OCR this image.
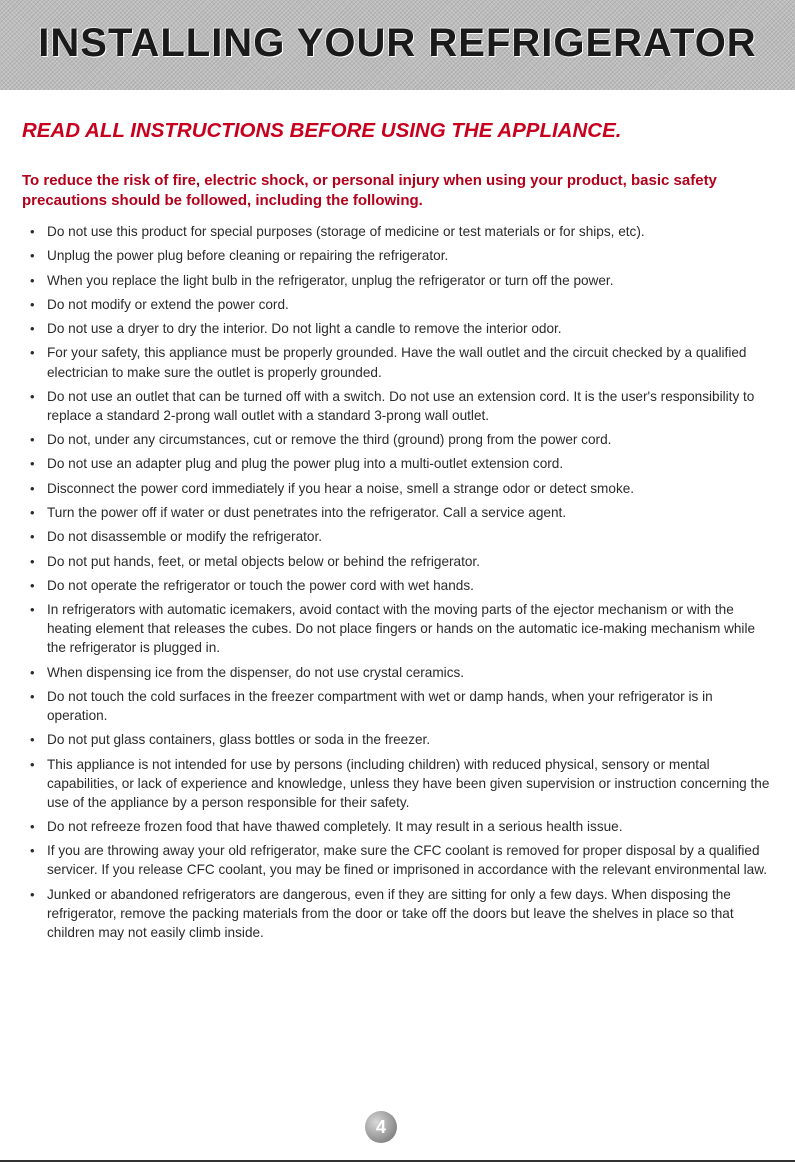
INSTALLING YOUR REFRIGERATOR
READ ALL INSTRUCTIONS BEFORE USING THE APPLIANCE.

To reduce the risk of fire, electric shock, or personal injury when using your product, basic safety precautions should be followed, including the following.

• Do not use this product for special purposes (storage of medicine or test materials or for ships, etc).
• Unplug the power plug before cleaning or repairing the refrigerator.
• When you replace the light bulb in the refrigerator, unplug the refrigerator or turn off the power.
• Do not modify or extend the power cord.
• Do not use a dryer to dry the interior. Do not light a candle to remove the interior odor.
• For your safety, this appliance must be properly grounded. Have the wall outlet and the circuit checked by a qualified electrician to make sure the outlet is properly grounded.
• Do not use an outlet that can be turned off with a switch. Do not use an extension cord. It is the user's responsibility to replace a standard 2-prong wall outlet with a standard 3-prong wall outlet.
• Do not, under any circumstances, cut or remove the third (ground) prong from the power cord.
• Do not use an adapter plug and plug the power plug into a multi-outlet extension cord.
• Disconnect the power cord immediately if you hear a noise, smell a strange odor or detect smoke.
• Turn the power off if water or dust penetrates into the refrigerator. Call a service agent.
• Do not disassemble or modify the refrigerator.
• Do not put hands, feet, or metal objects below or behind the refrigerator.
• Do not operate the refrigerator or touch the power cord with wet hands.
• In refrigerators with automatic icemakers, avoid contact with the moving parts of the ejector mechanism or with the heating element that releases the cubes. Do not place fingers or hands on the automatic ice-making mechanism while the refrigerator is plugged in.
• When dispensing ice from the dispenser, do not use crystal ceramics.
• Do not touch the cold surfaces in the freezer compartment with wet or damp hands, when your refrigerator is in operation.
• Do not put glass containers, glass bottles or soda in the freezer.
• This appliance is not intended for use by persons (including children) with reduced physical, sensory or mental capabilities, or lack of experience and knowledge, unless they have been given supervision or instruction concerning the use of the appliance by a person responsible for their safety.
• Do not refreeze frozen food that have thawed completely. It may result in a serious health issue.
• If you are throwing away your old refrigerator, make sure the CFC coolant is removed for proper disposal by a qualified servicer. If you release CFC coolant, you may be fined or imprisoned in accordance with the relevant environmental law.
• Junked or abandoned refrigerators are dangerous, even if they are sitting for only a few days. When disposing the refrigerator, remove the packing materials from the door or take off the doors but leave the shelves in place so that children may not easily climb inside.
4
